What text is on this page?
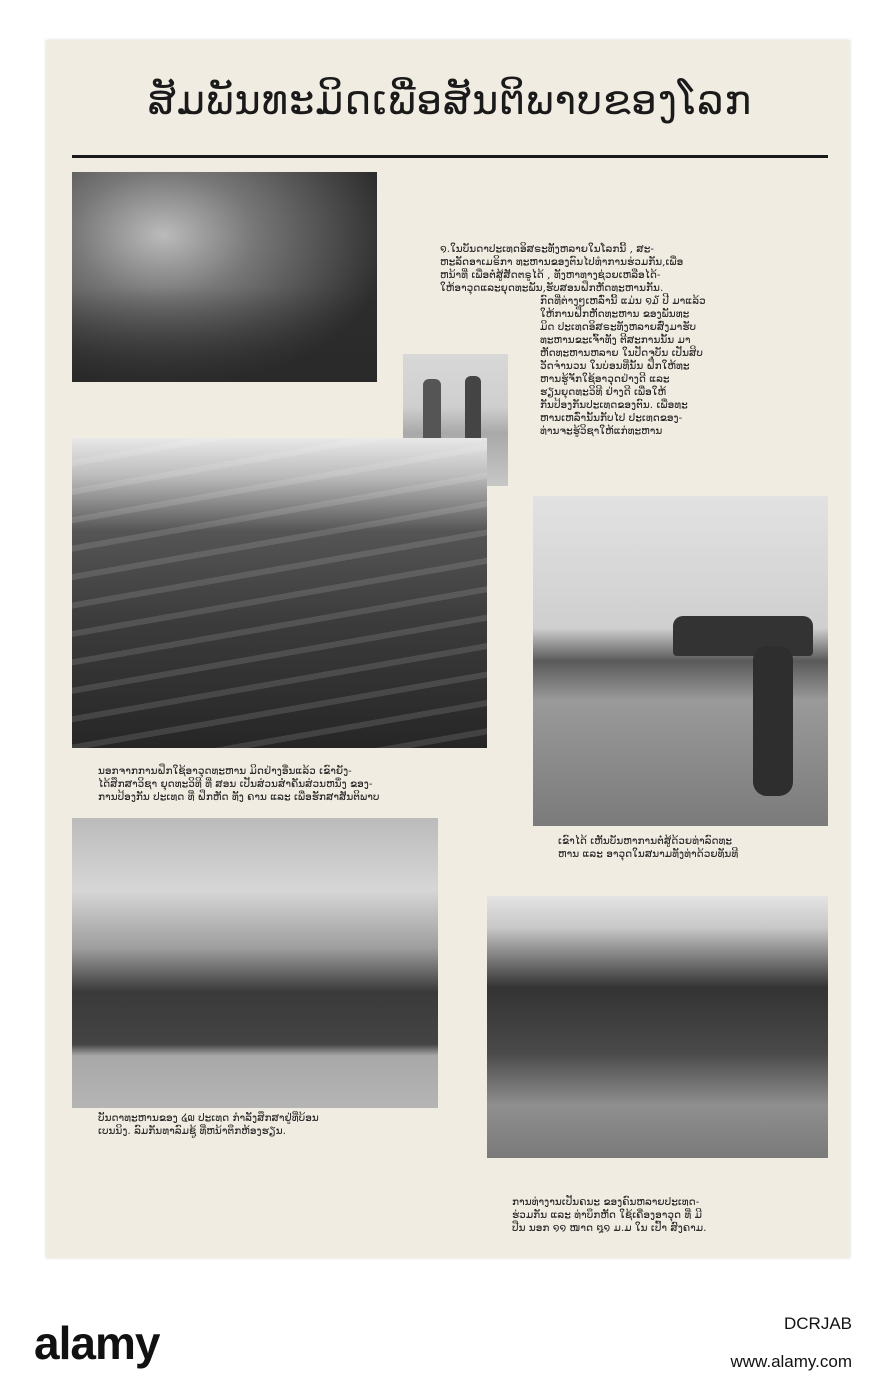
ສັມພັນທະມິດເພື່ອສັນຕິພາບຂອງໂລກ
໑.ໃນບັນດາປະເທດອິສຣະທັງຫລາຍໃນໂລກນີ້ , ສະ-
ຫະລັດອາເມຣິກາ ທະຫານຂອງຕົນໄປທຳການຮ່ວມກັນ,ເພື່ອ
ຫນ້າທີ່ ເພື່ອຕໍ່ສູ້ສັດຕຣູໄດ້ , ທັງຫາທາງຊ່ວຍເຫລືອໄດ້-
ໃຫ້ອາວຸດແລະຍຸດທະພັນ,ຮັບສອນຝຶກຫັດທະຫານກັນ.
ກົດທີ່ຕ່າງໆເຫລົ່ານີ້ ແມ່ນ ໑໓ ປີ ມາແລ້ວ
ໃຫ້ການຝຶກຫັດທະຫານ ຂອງພັນທະ
ມິດ ປະເທດອິສຣະທັງຫລາຍສົ່ງມາຮັບ
ທະຫານຂະເຈົ້າທັງ ຕີສະການນັ້ນ ມາ
ຫັດທະຫານຫລາຍ ໃນປັດຈຸບັນ ເປັນສິບ
ວັດຈຳນວນ ໃນບ່ອນທີ່ນັ້ນ ຝຶກໃຫ້ທະ
ຫານຮູ້ຈັກໃຊ້ອາວຸດຢ່າງດີ ແລະ
ຮຽນຍຸດທະວິທີ ຢ່າງດີ ເພື່ອໃຫ້
ກັນປ້ອງກັນປະເທດຂອງຕົນ. ເພື່ອທະ
ຫານເຫລົ່ານັ້ນກັບໄປ ປະເທດຂອງ-
ທ່ານຈະຮູ້ວິຊາໃຫ້ແກ່ທະຫານ
ນອກຈາກການຝຶກໃຊ້ອາວຸດທະຫານ ມິດຢ່າງອື່ນແລ້ວ ເຂົາຍັງ-
ໄດ້ສຶກສາວິຊາ ຍຸດທະວິທີ ທີ່ ສອນ ເປັນສ່ວນສຳຄັນສ່ວນຫນຶ່ງ ຂອງ-
ການປ້ອງກັນ ປະເທດ ທີ່ ຝຶກຫັດ ທັງ ຄານ ແລະ ເພື່ອຮັກສາສັນຕິພາບ
ເຂົາໄດ້ ເຫັນບັນຫາການຕໍ່ສູ້ດ້ວຍທ່າລົດທະ
ຫານ ແລະ ອາວຸດໃນສນາມທັງທ່າດ້ວຍທັນທີ
ບັນດາທະຫານຂອງ ໔໙ ປະເທດ ກຳລັງສຶກສາຢູ່ທີ່ບ້ອນ
ເບນນິງ. ລົມກັນທາລົມຊູ້ ທີ່ຫນ້າຕຶກຫ້ອງຮຽນ.
ການທ່າງານເປັນຄນະ ຂອງຄົນຫລາຍປະເທດ-
ຮ່ວມກັນ ແລະ ທ່າບຶກຫັດ ໃຊ້ເຄື່ອງອາວຸດ ທີ່ ມີ
ປືນ ນອກ ໑໑ ໜາດ ໘໑ ມ.ມ ໃນ ເປົ້າ ສົງຄາມ.
alamy	DCRJAB
www.alamy.com
